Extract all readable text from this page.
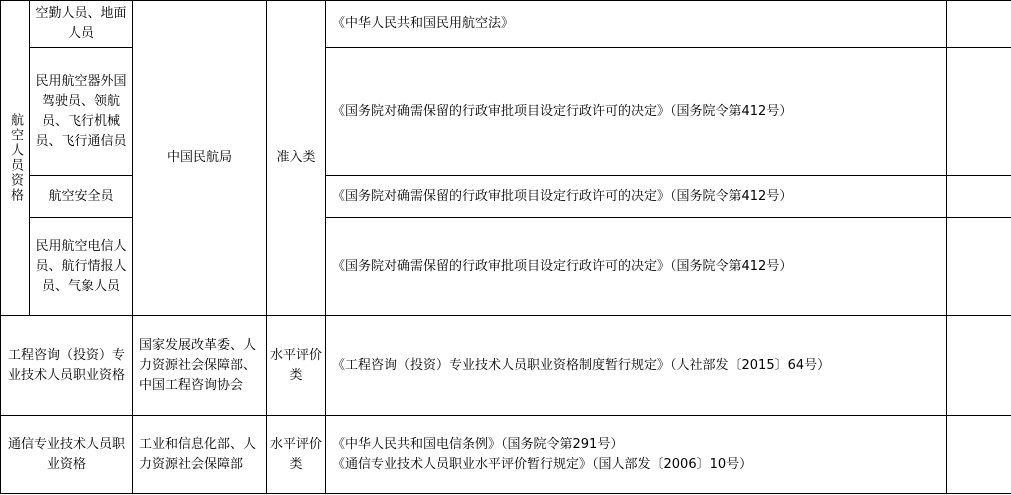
航空人员资格	空勤人员、地面人员	中国民航局	准入类	《中华人民共和国民用航空法》	
	民用航空器外国驾驶员、领航员、飞行机械员、飞行通信员			《国务院对确需保留的行政审批项目设定行政许可的决定》（国务院令第412号）	
	航空安全员			《国务院对确需保留的行政审批项目设定行政许可的决定》（国务院令第412号）	
	民用航空电信人员、航行情报人员、气象人员			《国务院对确需保留的行政审批项目设定行政许可的决定》（国务院令第412号）	
工程咨询（投资）专业技术人员职业资格		国家发展改革委、人力资源社会保障部、中国工程咨询协会	水平评价类	《工程咨询（投资）专业技术人员职业资格制度暂行规定》（人社部发〔2015〕64号）	
通信专业技术人员职业资格		工业和信息化部、人力资源社会保障部	水平评价类	《中华人民共和国电信条例》（国务院令第291号）
《通信专业技术人员职业水平评价暂行规定》（国人部发〔2006〕10号）	
